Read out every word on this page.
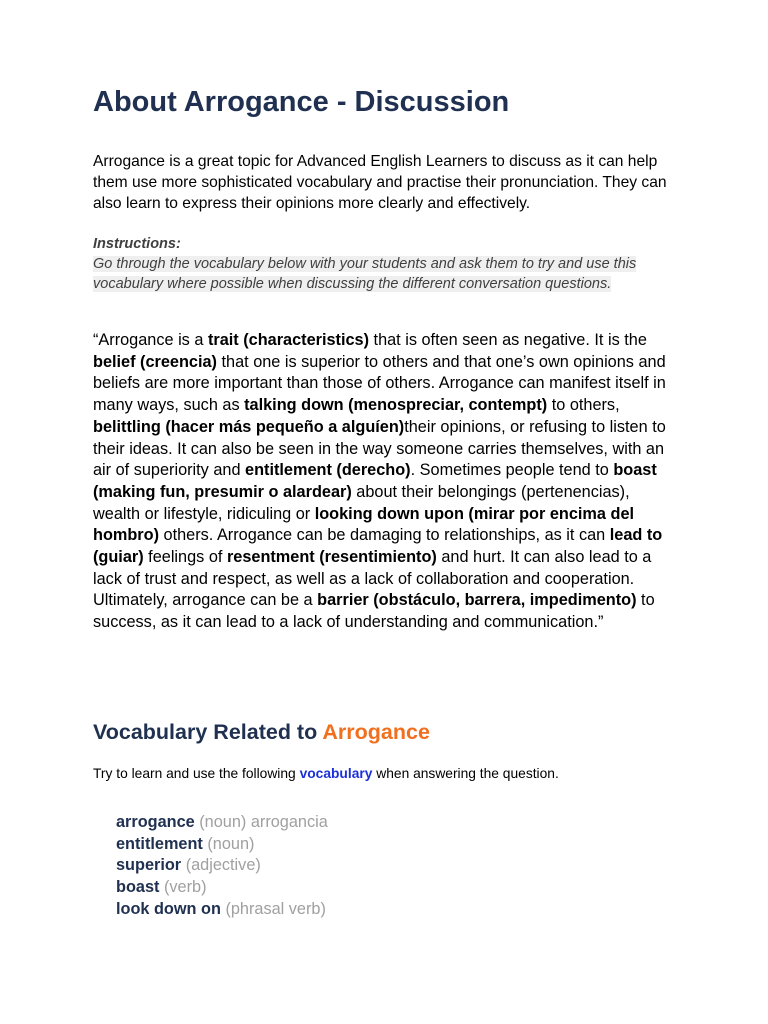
About Arrogance - Discussion

Arrogance is a great topic for Advanced English Learners to discuss as it can help them use more sophisticated vocabulary and practise their pronunciation. They can also learn to express their opinions more clearly and effectively.

Instructions:

Go through the vocabulary below with your students and ask them to try and use this vocabulary where possible when discussing the different conversation questions.

“Arrogance is a trait (characteristics) that is often seen as negative. It is the belief (creencia) that one is superior to others and that one’s own opinions and beliefs are more important than those of others. Arrogance can manifest itself in many ways, such as talking down (menospreciar, contempt) to others, belittling (hacer más pequeño a alguíen)their opinions, or refusing to listen to their ideas. It can also be seen in the way someone carries themselves, with an air of superiority and entitlement (derecho). Sometimes people tend to boast (making fun, presumir o alardear) about their belongings (pertenencias), wealth or lifestyle, ridiculing or looking down upon (mirar por encima del hombro) others. Arrogance can be damaging to relationships, as it can lead to (guiar) feelings of resentment (resentimiento) and hurt. It can also lead to a lack of trust and respect, as well as a lack of collaboration and cooperation. Ultimately, arrogance can be a barrier (obstáculo, barrera, impedimento) to success, as it can lead to a lack of understanding and communication.”

Vocabulary Related to Arrogance

Try to learn and use the following vocabulary when answering the question.

arrogance (noun) arrogancia
entitlement (noun)
superior (adjective)
boast (verb)
look down on (phrasal verb)
